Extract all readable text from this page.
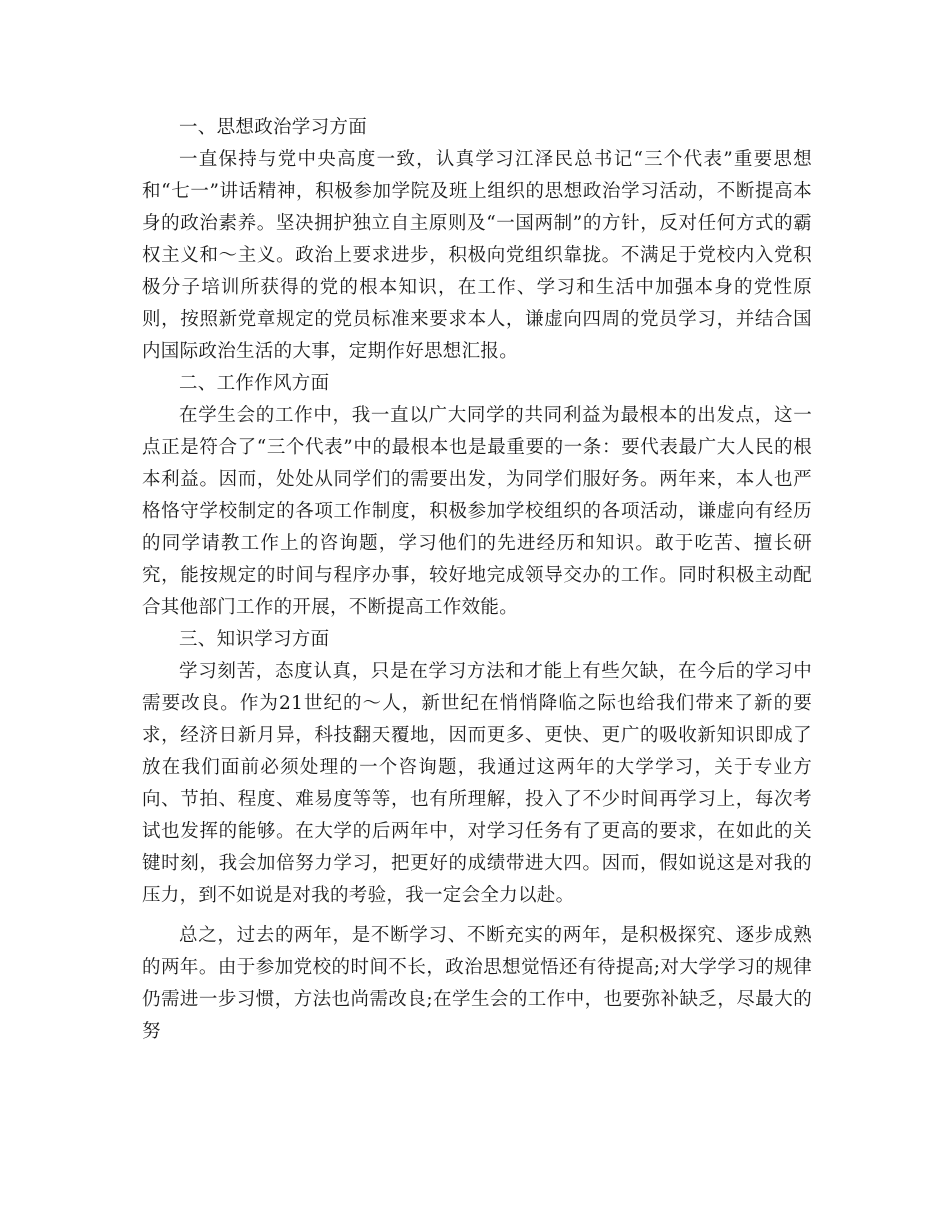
一、思想政治学习方面

一直保持与党中央高度一致，认真学习江泽民总书记“三个代表”重要思想和“七一”讲话精神，积极参加学院及班上组织的思想政治学习活动，不断提高本身的政治素养。坚决拥护独立自主原则及“一国两制”的方针，反对任何方式的霸权主义和～主义。政治上要求进步，积极向党组织靠拢。不满足于党校内入党积极分子培训所获得的党的根本知识，在工作、学习和生活中加强本身的党性原则，按照新党章规定的党员标准来要求本人，谦虚向四周的党员学习，并结合国内国际政治生活的大事，定期作好思想汇报。

二、工作作风方面

在学生会的工作中，我一直以广大同学的共同利益为最根本的出发点，这一点正是符合了“三个代表”中的最根本也是最重要的一条：要代表最广大人民的根本利益。因而，处处从同学们的需要出发，为同学们服好务。两年来，本人也严格恪守学校制定的各项工作制度，积极参加学校组织的各项活动，谦虚向有经历的同学请教工作上的咨询题，学习他们的先进经历和知识。敢于吃苦、擅长研究，能按规定的时间与程序办事，较好地完成领导交办的工作。同时积极主动配合其他部门工作的开展，不断提高工作效能。

三、知识学习方面

学习刻苦，态度认真，只是在学习方法和才能上有些欠缺，在今后的学习中需要改良。作为21世纪的～人，新世纪在悄悄降临之际也给我们带来了新的要求，经济日新月异，科技翻天覆地，因而更多、更快、更广的吸收新知识即成了放在我们面前必须处理的一个咨询题，我通过这两年的大学学习，关于专业方向、节拍、程度、难易度等等，也有所理解，投入了不少时间再学习上，每次考试也发挥的能够。在大学的后两年中，对学习任务有了更高的要求，在如此的关键时刻，我会加倍努力学习，把更好的成绩带进大四。因而，假如说这是对我的压力，到不如说是对我的考验，我一定会全力以赴。

总之，过去的两年，是不断学习、不断充实的两年，是积极探究、逐步成熟的两年。由于参加党校的时间不长，政治思想觉悟还有待提高;对大学学习的规律仍需进一步习惯，方法也尚需改良;在学生会的工作中，也要弥补缺乏，尽最大的努
